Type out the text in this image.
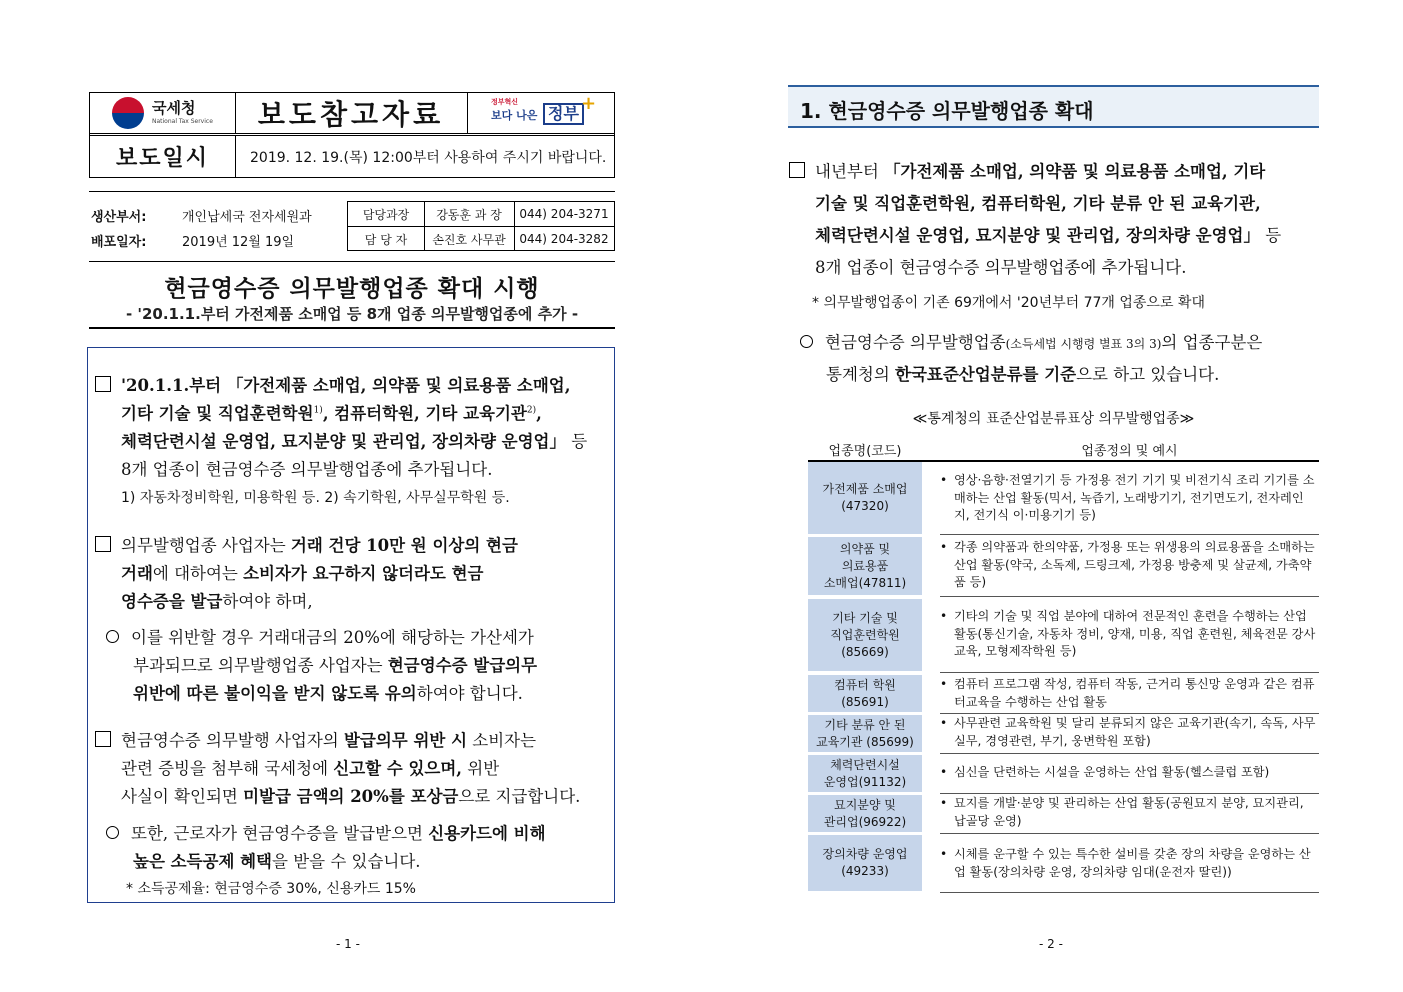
국세청
National Tax Service	보도참고자료	정부혁신
보다 나은 정부 +
보도일시	2019. 12. 19.(목) 12:00부터 사용하여 주시기 바랍니다.
생산부서:	개인납세국 전자세원과
배포일자:	2019년 12월 19일
담당과장	강동훈 과 장	044) 204-3271
담 당 자	손진호 사무관	044) 204-3282
현금영수증 의무발행업종 확대 시행
- '20.1.1.부터 가전제품 소매업 등 8개 업종 의무발행업종에 추가 -
'20.1.1.부터 「가전제품 소매업, 의약품 및 의료용품 소매업,
기타 기술 및 직업훈련학원$^{1)}$, 컴퓨터학원, 기타 교육기관$^{2)}$,
체력단련시설 운영업, 묘지분양 및 관리업, 장의차량 운영업」 등
8개 업종이 현금영수증 의무발행업종에 추가됩니다.
1) 자동차정비학원, 미용학원 등. 2) 속기학원, 사무실무학원 등.
의무발행업종 사업자는 거래 건당 10만 원 이상의 현금
거래에 대하여는 소비자가 요구하지 않더라도 현금
영수증을 발급하여야 하며,
이를 위반할 경우 거래대금의 20%에 해당하는 가산세가
부과되므로 의무발행업종 사업자는 현금영수증 발급의무
위반에 따른 불이익을 받지 않도록 유의하여야 합니다.
현금영수증 의무발행 사업자의 발급의무 위반 시 소비자는
관련 증빙을 첨부해 국세청에 신고할 수 있으며, 위반
사실이 확인되면 미발급 금액의 20%를 포상금으로 지급합니다.
또한, 근로자가 현금영수증을 발급받으면 신용카드에 비해
높은 소득공제 혜택을 받을 수 있습니다.
* 소득공제율: 현금영수증 30%, 신용카드 15%
- 1 -
1. 현금영수증 의무발행업종 확대
내년부터 「가전제품 소매업, 의약품 및 의료용품 소매업, 기타
기술 및 직업훈련학원, 컴퓨터학원, 기타 분류 안 된 교육기관,
체력단련시설 운영업, 묘지분양 및 관리업, 장의차량 운영업」 등
8개 업종이 현금영수증 의무발행업종에 추가됩니다.
* 의무발행업종이 기존 69개에서 '20년부터 77개 업종으로 확대
현금영수증 의무발행업종(소득세법 시행령 별표 3의 3)의 업종구분은
통계청의 한국표준산업분류를 기준으로 하고 있습니다.
≪통계청의 표준산업분류표상 의무발행업종≫
업종명(코드)	업종정의 및 예시
가전제품 소매업
(47320)
• 영상·음향·전열기기 등 가정용 전기 기기 및 비전기식 조리 기기를 소매하는 산업 활동(믹서, 녹즙기, 노래방기기, 전기면도기, 전자레인지, 전기식 이·미용기기 등)
의약품 및
의료용품
소매업(47811)
• 각종 의약품과 한의약품, 가정용 또는 위생용의 의료용품을 소매하는 산업 활동(약국, 소독제, 드링크제, 가정용 방충제 및 살균제, 가축약품 등)
기타 기술 및
직업훈련학원
(85669)
• 기타의 기술 및 직업 분야에 대하여 전문적인 훈련을 수행하는 산업 활동(통신기술, 자동차 정비, 양재, 미용, 직업 훈련원, 체육전문 강사교육, 모형제작학원 등)
컴퓨터 학원
(85691)
• 컴퓨터 프로그램 작성, 컴퓨터 작동, 근거리 통신망 운영과 같은 컴퓨터교육을 수행하는 산업 활동
기타 분류 안 된
교육기관 (85699)
• 사무관련 교육학원 및 달리 분류되지 않은 교육기관(속기, 속독, 사무실무, 경영관련, 부기, 웅변학원 포함)
체력단련시설
운영업(91132)
• 심신을 단련하는 시설을 운영하는 산업 활동(헬스클럽 포함)
묘지분양 및
관리업(96922)
• 묘지를 개발·분양 및 관리하는 산업 활동(공원묘지 분양, 묘지관리, 납골당 운영)
장의차량 운영업
(49233)
• 시체를 운구할 수 있는 특수한 설비를 갖춘 장의 차량을 운영하는 산업 활동(장의차량 운영, 장의차량 임대(운전자 딸린))
- 2 -
